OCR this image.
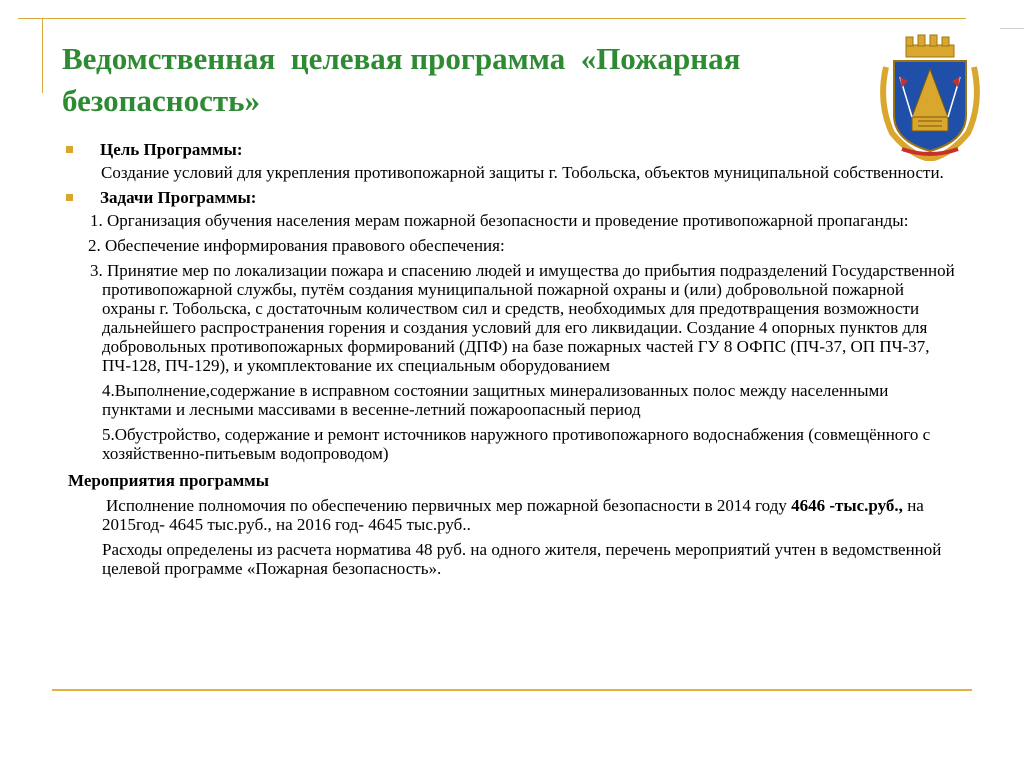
Ведомственная  целевая программа  «Пожарная безопасность»
Цель Программы:

Создание условий для укрепления противопожарной защиты г. Тобольска, объектов муниципальной собственности.

Задачи Программы:

1. Организация обучения населения мерам пожарной безопасности и проведение противопожарной пропаганды:

2. Обеспечение информирования правового обеспечения:

3. Принятие мер по локализации пожара и спасению людей и имущества до прибытия подразделений Государственной противопожарной службы, путём создания муниципальной пожарной охраны и (или) добровольной пожарной охраны г. Тобольска, с достаточным количеством сил и средств, необходимых для предотвращения возможности дальнейшего распространения горения и создания условий для его ликвидации. Создание 4 опорных пунктов для добровольных противопожарных формирований (ДПФ) на базе пожарных частей ГУ 8 ОФПС (ПЧ-37, ОП ПЧ-37, ПЧ-128, ПЧ-129), и укомплектование их специальным оборудованием

4.Выполнение,содержание в исправном состоянии защитных минерализованных полос между населенными пунктами и лесными массивами в весенне-летний пожароопасный период

5.Обустройство, содержание и ремонт источников наружного противопожарного водоснабжения (совмещённого с хозяйственно-питьевым водопроводом)

Мероприятия программы

Исполнение полномочия по обеспечению первичных мер пожарной безопасности в 2014 году 4646 -тыс.руб., на 2015год- 4645 тыс.руб., на 2016 год- 4645 тыс.руб..

Расходы определены из расчета норматива 48 руб. на одного жителя, перечень мероприятий учтен в ведомственной целевой программе «Пожарная безопасность».
